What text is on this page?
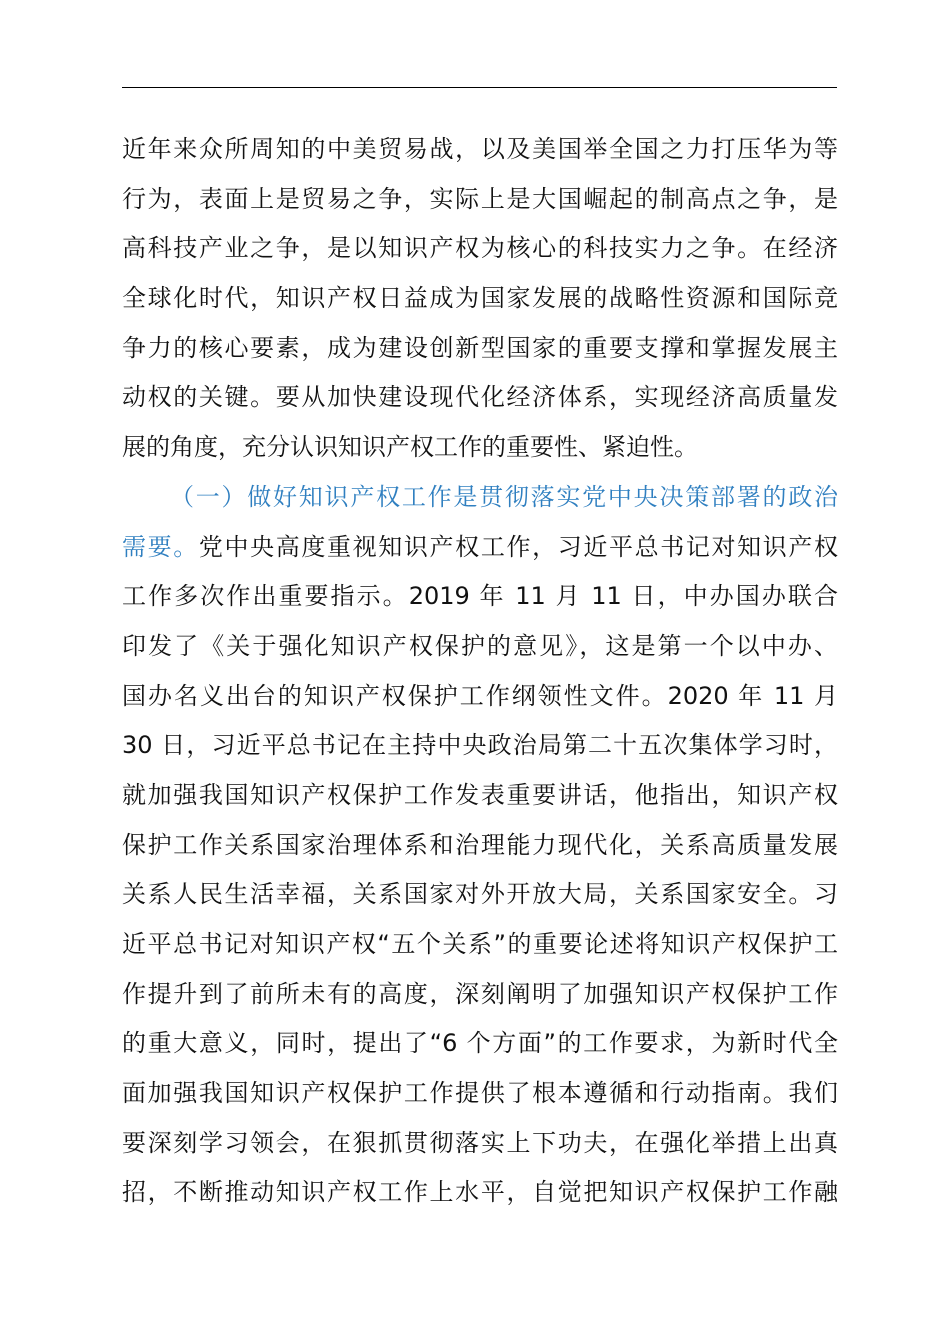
近年来众所周知的中美贸易战，以及美国举全国之力打压华为等
行为，表面上是贸易之争，实际上是大国崛起的制高点之争，是
高科技产业之争，是以知识产权为核心的科技实力之争。在经济
全球化时代，知识产权日益成为国家发展的战略性资源和国际竞
争力的核心要素，成为建设创新型国家的重要支撑和掌握发展主
动权的关键。要从加快建设现代化经济体系，实现经济高质量发
展的角度，充分认识知识产权工作的重要性、紧迫性。
（一）做好知识产权工作是贯彻落实党中央决策部署的政治
需要。党中央高度重视知识产权工作，习近平总书记对知识产权
工作多次作出重要指示。2019 年 11 月 11 日，中办国办联合
印发了《关于强化知识产权保护的意见》，这是第一个以中办、
国办名义出台的知识产权保护工作纲领性文件。2020 年 11 月
30 日，习近平总书记在主持中央政治局第二十五次集体学习时，
就加强我国知识产权保护工作发表重要讲话，他指出，知识产权
保护工作关系国家治理体系和治理能力现代化，关系高质量发展
关系人民生活幸福，关系国家对外开放大局，关系国家安全。习
近平总书记对知识产权“五个关系”的重要论述将知识产权保护工
作提升到了前所未有的高度，深刻阐明了加强知识产权保护工作
的重大意义，同时，提出了“6 个方面”的工作要求，为新时代全
面加强我国知识产权保护工作提供了根本遵循和行动指南。我们
要深刻学习领会，在狠抓贯彻落实上下功夫，在强化举措上出真
招，不断推动知识产权工作上水平，自觉把知识产权保护工作融
